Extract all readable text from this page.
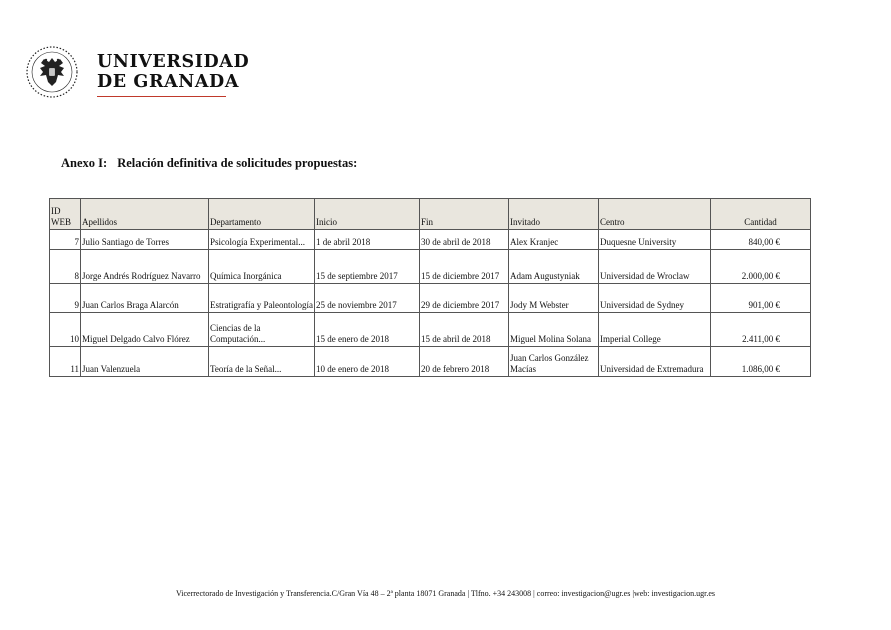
UNIVERSIDAD
DE GRANADA
Anexo I: Relación definitiva de solicitudes propuestas:
ID WEB	Apellidos	Departamento	Inicio	Fin	Invitado	Centro	Cantidad
7	Julio Santiago de Torres	Psicología Experimental...	1 de abril 2018	30 de abril de 2018	Alex Kranjec	Duquesne University	840,00 €
8	Jorge Andrés Rodríguez Navarro	Química Inorgánica	15 de septiembre 2017	15 de diciembre 2017	Adam Augustyniak	Universidad de Wroclaw	2.000,00 €
9	Juan Carlos Braga Alarcón	Estratigrafía y Paleontología	25 de noviembre 2017	29 de diciembre 2017	Jody M Webster	Universidad de Sydney	901,00 €
10	Miguel Delgado Calvo Flórez	Ciencias de la Computación...	15 de enero de 2018	15 de abril de 2018	Miguel Molina Solana	Imperial College	2.411,00 €
11	Juan Valenzuela	Teoría de la Señal...	10 de enero de 2018	20 de febrero 2018	Juan Carlos González Macías	Universidad de Extremadura	1.086,00 €
Vicerrectorado de Investigación y Transferencia.C/Gran Vía 48 – 2ª planta 18071 Granada | Tlfno. +34 243008 | correo: investigacion@ugr.es |web: investigacion.ugr.es
